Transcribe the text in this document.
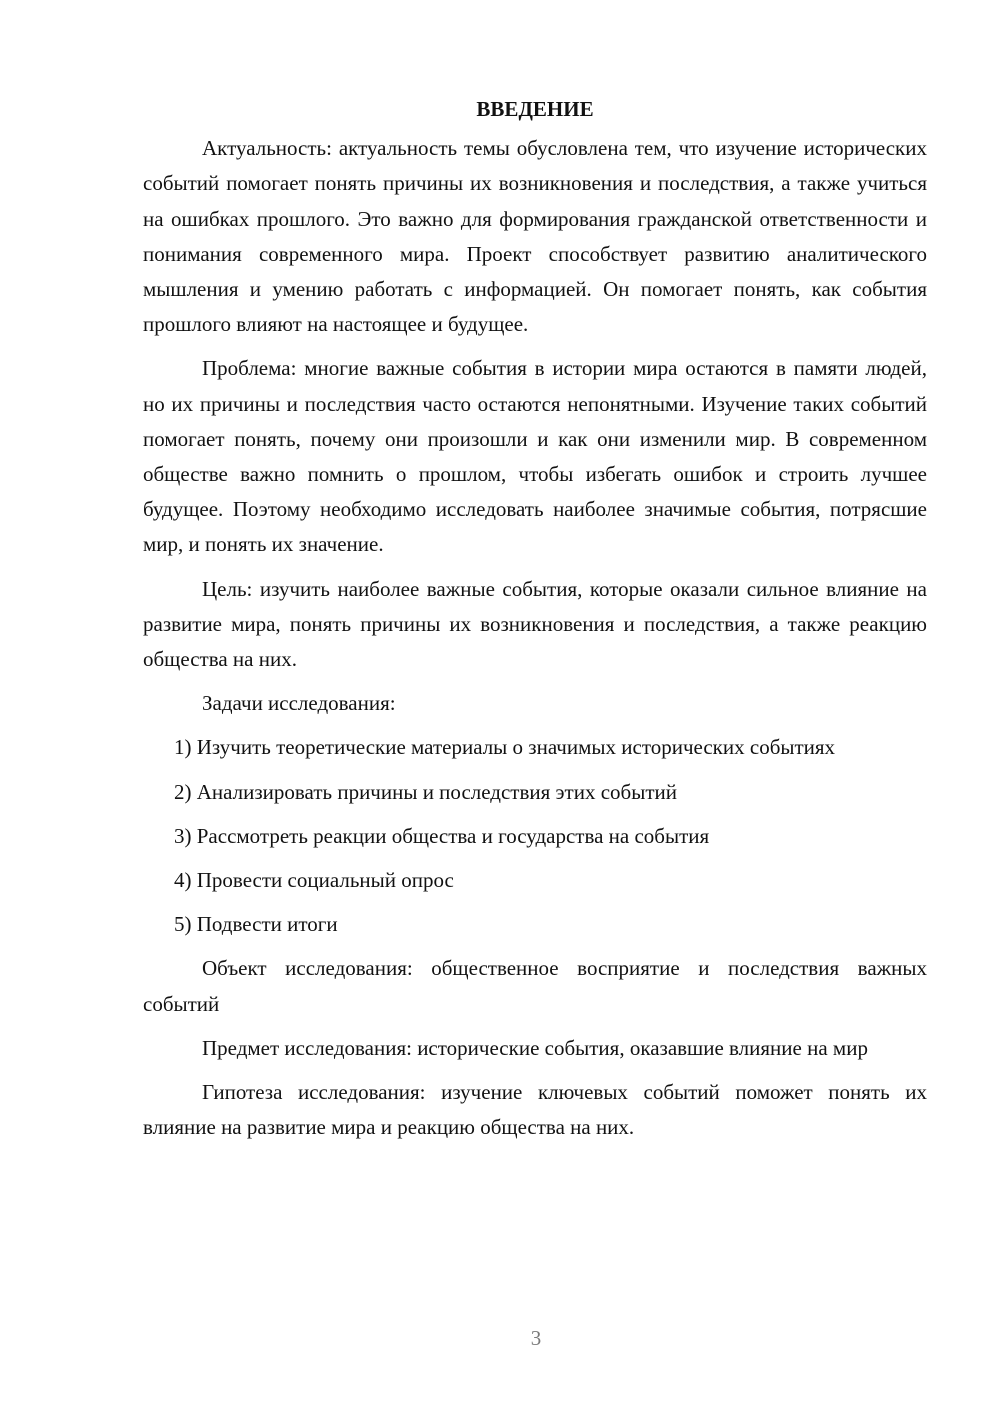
ВВЕДЕНИЕ

Актуальность: актуальность темы обусловлена тем, что изучение исторических событий помогает понять причины их возникновения и последствия, а также учиться на ошибках прошлого. Это важно для формирования гражданской ответственности и понимания современного мира. Проект способствует развитию аналитического мышления и умению работать с информацией. Он помогает понять, как события прошлого влияют на настоящее и будущее.

Проблема: многие важные события в истории мира остаются в памяти людей, но их причины и последствия часто остаются непонятными. Изучение таких событий помогает понять, почему они произошли и как они изменили мир. В современном обществе важно помнить о прошлом, чтобы избегать ошибок и строить лучшее будущее. Поэтому необходимо исследовать наиболее значимые события, потрясшие мир, и понять их значение.

Цель: изучить наиболее важные события, которые оказали сильное влияние на развитие мира, понять причины их возникновения и последствия, а также реакцию общества на них.

Задачи исследования:

1) Изучить теоретические материалы о значимых исторических событиях

2) Анализировать причины и последствия этих событий

3) Рассмотреть реакции общества и государства на события

4) Провести социальный опрос

5) Подвести итоги

Объект исследования: общественное восприятие и последствия важных событий

Предмет исследования: исторические события, оказавшие влияние на мир

Гипотеза исследования: изучение ключевых событий поможет понять их влияние на развитие мира и реакцию общества на них.

3
